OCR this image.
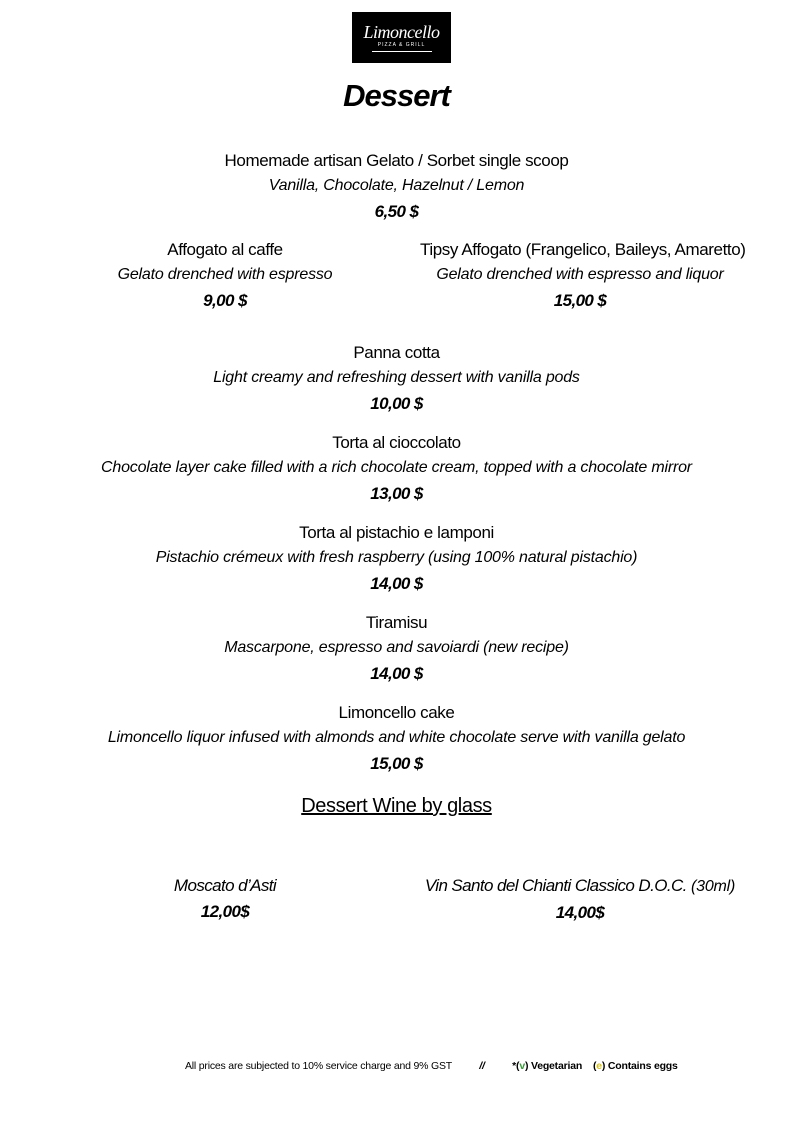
Limoncello
PIZZA & GRILL
Dessert
Homemade artisan Gelato / Sorbet single scoop
Vanilla, Chocolate, Hazelnut / Lemon
6,50 $
Affogato al caffe
Gelato drenched with espresso
9,00 $
Tipsy Affogato (Frangelico, Baileys, Amaretto)
Gelato drenched with espresso and liquor
15,00 $
Panna cotta
Light creamy and refreshing dessert with vanilla pods
10,00 $
Torta al cioccolato
Chocolate layer cake filled with a rich chocolate cream, topped with a chocolate mirror
13,00 $
Torta al pistachio e lamponi
Pistachio crémeux with fresh raspberry (using 100% natural pistachio)
14,00 $
Tiramisu
Mascarpone, espresso and savoiardi (new recipe)
14,00 $
Limoncello cake
Limoncello liquor infused with almonds and white chocolate serve with vanilla gelato
15,00 $
Dessert Wine by glass
Moscato d’Asti
12,00$
Vin Santo del Chianti Classico D.O.C. (30ml)
14,00$
All prices are subjected to 10% service charge and 9% GST	//	*(v) Vegetarian (e) Contains eggs
